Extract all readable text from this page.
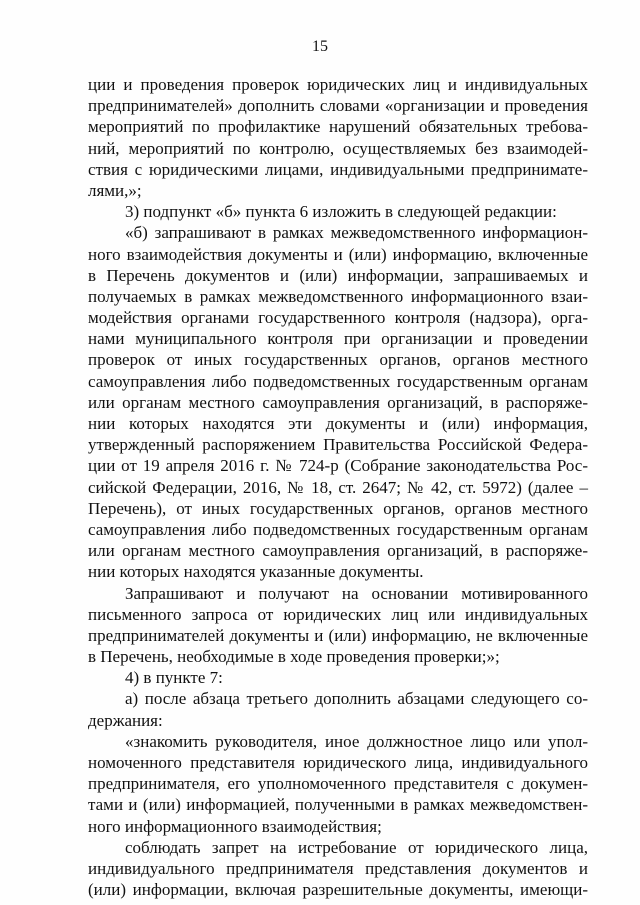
15
ции и проведения проверок юридических лиц и индивидуальных
предпринимателей» дополнить словами «организации и проведения
мероприятий по профилактике нарушений обязательных требова-
ний, мероприятий по контролю, осуществляемых без взаимодей-
ствия с юридическими лицами, индивидуальными предпринимате-
лями,»;
3) подпункт «б» пункта 6 изложить в следующей редакции:
«б) запрашивают в рамках межведомственного информацион-
ного взаимодействия документы и (или) информацию, включенные
в Перечень документов и (или) информации, запрашиваемых и
получаемых в рамках межведомственного информационного взаи-
модействия органами государственного контроля (надзора), орга-
нами муниципального контроля при организации и проведении
проверок от иных государственных органов, органов местного
самоуправления либо подведомственных государственным органам
или органам местного самоуправления организаций, в распоряже-
нии которых находятся эти документы и (или) информация,
утвержденный распоряжением Правительства Российской Федера-
ции от 19 апреля 2016 г. № 724-р (Собрание законодательства Рос-
сийской Федерации, 2016, № 18, ст. 2647; № 42, ст. 5972) (далее –
Перечень), от иных государственных органов, органов местного
самоуправления либо подведомственных государственным органам
или органам местного самоуправления организаций, в распоряже-
нии которых находятся указанные документы.
Запрашивают и получают на основании мотивированного
письменного запроса от юридических лиц или индивидуальных
предпринимателей документы и (или) информацию, не включенные
в Перечень, необходимые в ходе проведения проверки;»;
4) в пункте 7:
а) после абзаца третьего дополнить абзацами следующего со-
держания:
«знакомить руководителя, иное должностное лицо или упол-
номоченного представителя юридического лица, индивидуального
предпринимателя, его уполномоченного представителя с докумен-
тами и (или) информацией, полученными в рамках межведомствен-
ного информационного взаимодействия;
соблюдать запрет на истребование от юридического лица,
индивидуального предпринимателя представления документов и
(или) информации, включая разрешительные документы, имеющи-
